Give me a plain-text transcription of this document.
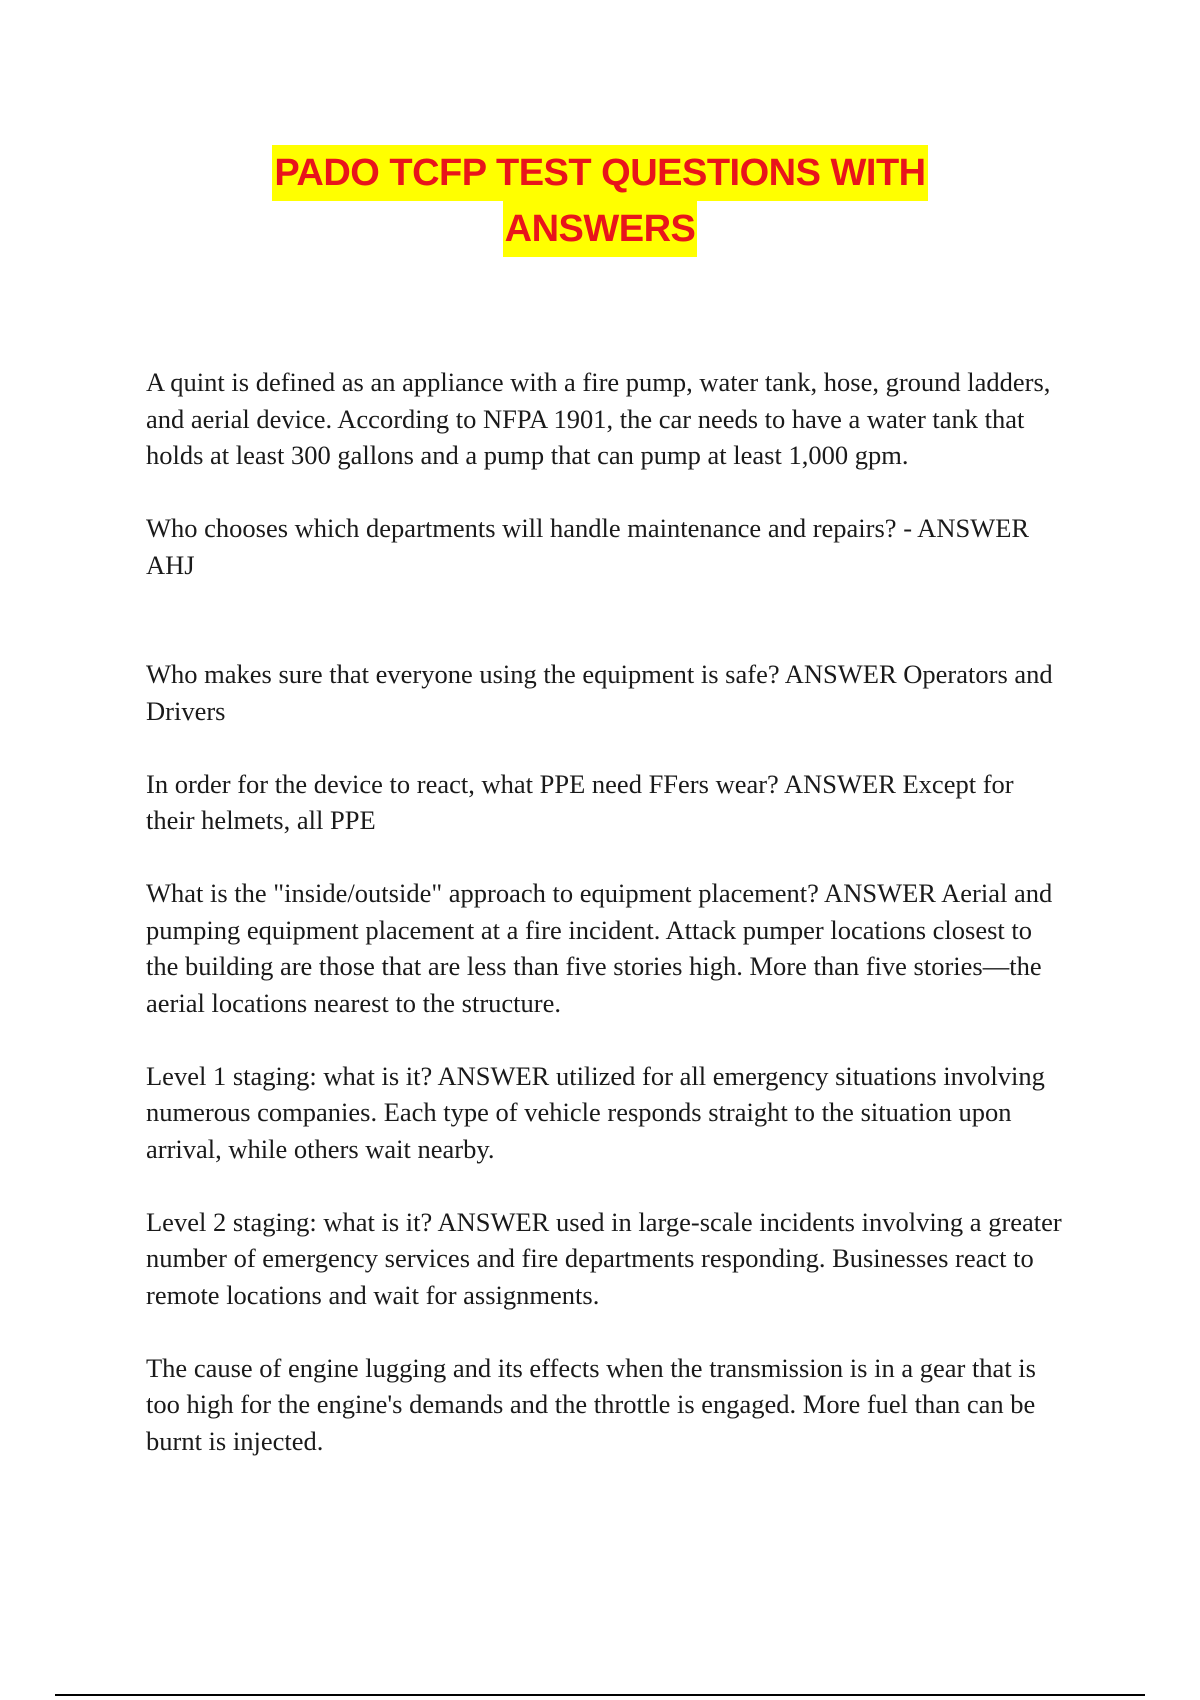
PADO TCFP TEST QUESTIONS WITH
ANSWERS

A quint is defined as an appliance with a fire pump, water tank, hose, ground ladders, and aerial device. According to NFPA 1901, the car needs to have a water tank that holds at least 300 gallons and a pump that can pump at least 1,000 gpm.

Who chooses which departments will handle maintenance and repairs? - ANSWER AHJ

Who makes sure that everyone using the equipment is safe? ANSWER Operators and Drivers

In order for the device to react, what PPE need FFers wear? ANSWER Except for their helmets, all PPE

What is the "inside/outside" approach to equipment placement? ANSWER Aerial and pumping equipment placement at a fire incident. Attack pumper locations closest to the building are those that are less than five stories high. More than five stories—the aerial locations nearest to the structure.

Level 1 staging: what is it? ANSWER utilized for all emergency situations involving numerous companies. Each type of vehicle responds straight to the situation upon arrival, while others wait nearby.

Level 2 staging: what is it? ANSWER used in large-scale incidents involving a greater number of emergency services and fire departments responding. Businesses react to remote locations and wait for assignments.

The cause of engine lugging and its effects when the transmission is in a gear that is too high for the engine's demands and the throttle is engaged. More fuel than can be burnt is injected.
